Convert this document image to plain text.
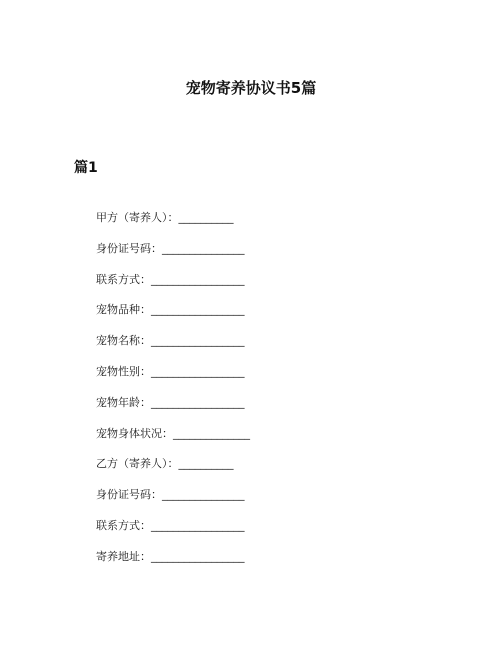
宠物寄养协议书5篇
篇1
甲方（寄养人）：__________
身份证号码：_______________
联系方式：_________________
宠物品种：_________________
宠物名称：_________________
宠物性别：_________________
宠物年龄：_________________
宠物身体状况：______________
乙方（寄养人）：__________
身份证号码：_______________
联系方式：_________________
寄养地址：_________________
